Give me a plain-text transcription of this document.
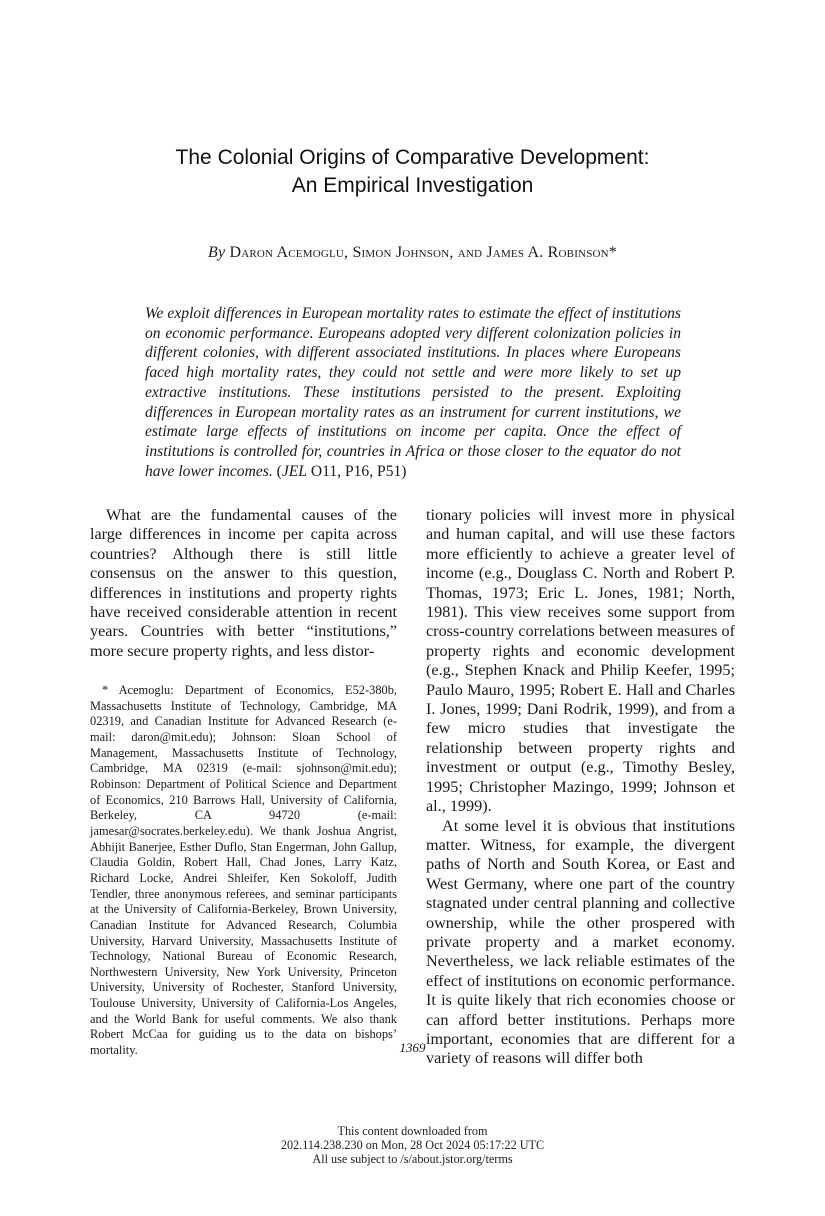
The Colonial Origins of Comparative Development:
An Empirical Investigation
By Daron Acemoglu, Simon Johnson, and James A. Robinson*
We exploit differences in European mortality rates to estimate the effect of institutions on economic performance. Europeans adopted very different colonization policies in different colonies, with different associated institutions. In places where Europeans faced high mortality rates, they could not settle and were more likely to set up extractive institutions. These institutions persisted to the present. Exploiting differences in European mortality rates as an instrument for current institutions, we estimate large effects of institutions on income per capita. Once the effect of institutions is controlled for, countries in Africa or those closer to the equator do not have lower incomes. (JEL O11, P16, P51)

What are the fundamental causes of the large differences in income per capita across countries? Although there is still little consensus on the answer to this question, differences in institutions and property rights have received considerable attention in recent years. Countries with better “institutions,” more secure property rights, and less distor-

* Acemoglu: Department of Economics, E52-380b, Massachusetts Institute of Technology, Cambridge, MA 02319, and Canadian Institute for Advanced Research (e-mail: daron@mit.edu); Johnson: Sloan School of Management, Massachusetts Institute of Technology, Cambridge, MA 02319 (e-mail: sjohnson@mit.edu); Robinson: Department of Political Science and Department of Economics, 210 Barrows Hall, University of California, Berkeley, CA 94720 (e-mail: jamesar@socrates.berkeley.edu). We thank Joshua Angrist, Abhijit Banerjee, Esther Duflo, Stan Engerman, John Gallup, Claudia Goldin, Robert Hall, Chad Jones, Larry Katz, Richard Locke, Andrei Shleifer, Ken Sokoloff, Judith Tendler, three anonymous referees, and seminar participants at the University of California-Berkeley, Brown University, Canadian Institute for Advanced Research, Columbia University, Harvard University, Massachusetts Institute of Technology, National Bureau of Economic Research, Northwestern University, New York University, Princeton University, University of Rochester, Stanford University, Toulouse University, University of California-Los Angeles, and the World Bank for useful comments. We also thank Robert McCaa for guiding us to the data on bishops’ mortality.

tionary policies will invest more in physical and human capital, and will use these factors more efficiently to achieve a greater level of income (e.g., Douglass C. North and Robert P. Thomas, 1973; Eric L. Jones, 1981; North, 1981). This view receives some support from cross-country correlations between measures of property rights and economic development (e.g., Stephen Knack and Philip Keefer, 1995; Paulo Mauro, 1995; Robert E. Hall and Charles I. Jones, 1999; Dani Rodrik, 1999), and from a few micro studies that investigate the relationship between property rights and investment or output (e.g., Timothy Besley, 1995; Christopher Mazingo, 1999; Johnson et al., 1999).

At some level it is obvious that institutions matter. Witness, for example, the divergent paths of North and South Korea, or East and West Germany, where one part of the country stagnated under central planning and collective ownership, while the other prospered with private property and a market economy. Nevertheless, we lack reliable estimates of the effect of institutions on economic performance. It is quite likely that rich economies choose or can afford better institutions. Perhaps more important, economies that are different for a variety of reasons will differ both

1369
This content downloaded from
202.114.238.230 on Mon, 28 Oct 2024 05:17:22 UTC
All use subject to /s/about.jstor.org/terms
